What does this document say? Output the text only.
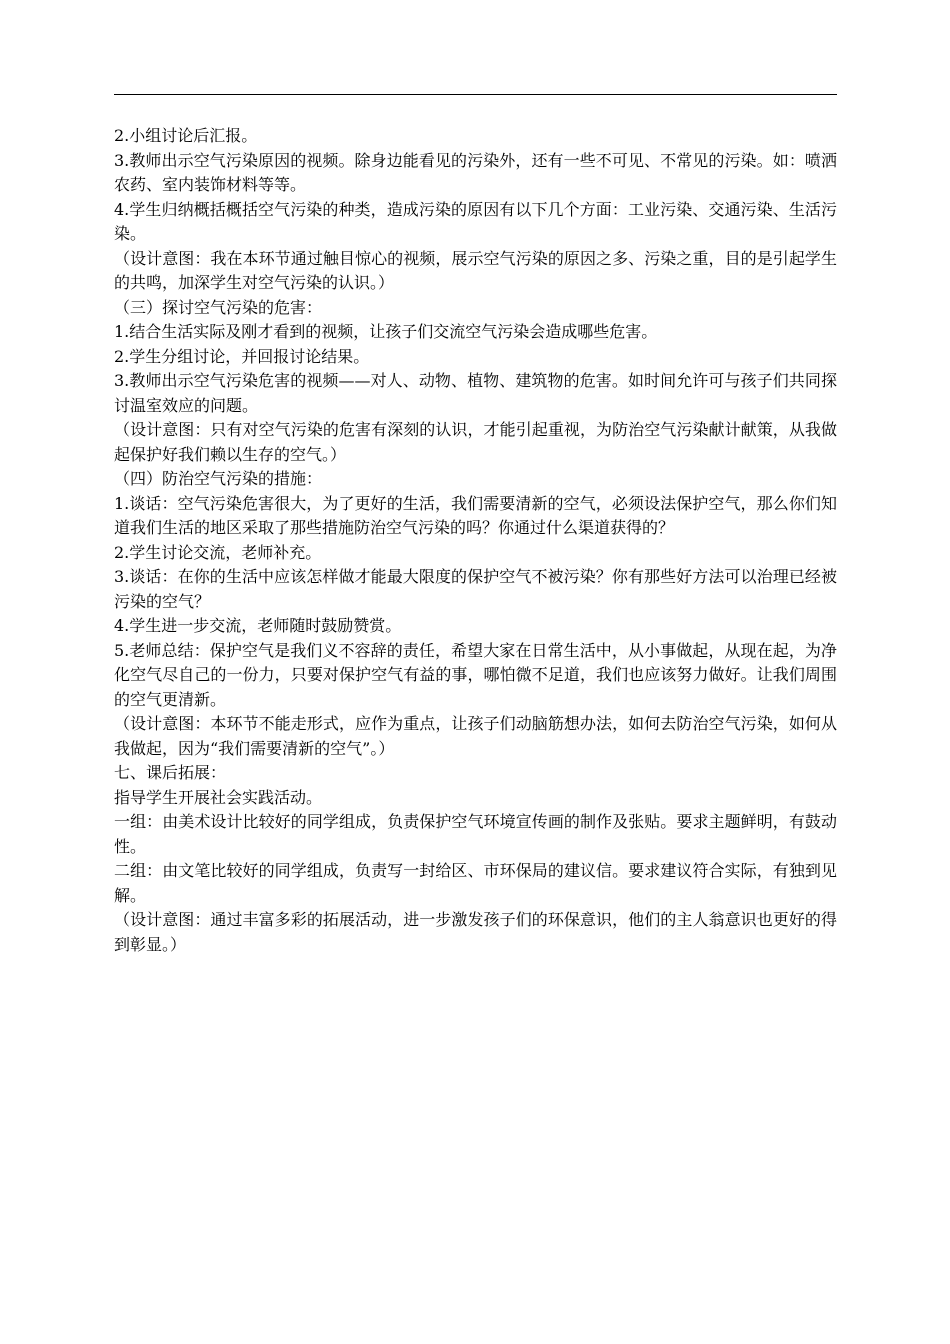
2.小组讨论后汇报。

3.教师出示空气污染原因的视频。除身边能看见的污染外，还有一些不可见、不常见的污染。如：喷洒农药、室内装饰材料等等。

4.学生归纳概括概括空气污染的种类，造成污染的原因有以下几个方面：工业污染、交通污染、生活污染。

（设计意图：我在本环节通过触目惊心的视频，展示空气污染的原因之多、污染之重，目的是引起学生的共鸣，加深学生对空气污染的认识。）

（三）探讨空气污染的危害：

1.结合生活实际及刚才看到的视频，让孩子们交流空气污染会造成哪些危害。

2.学生分组讨论，并回报讨论结果。

3.教师出示空气污染危害的视频——对人、动物、植物、建筑物的危害。如时间允许可与孩子们共同探讨温室效应的问题。

（设计意图：只有对空气污染的危害有深刻的认识，才能引起重视，为防治空气污染献计献策，从我做起保护好我们赖以生存的空气。）

（四）防治空气污染的措施：

1.谈话：空气污染危害很大，为了更好的生活，我们需要清新的空气，必须设法保护空气，那么你们知道我们生活的地区采取了那些措施防治空气污染的吗？你通过什么渠道获得的？

2.学生讨论交流，老师补充。

3.谈话：在你的生活中应该怎样做才能最大限度的保护空气不被污染？你有那些好方法可以治理已经被污染的空气？

4.学生进一步交流，老师随时鼓励赞赏。

5.老师总结：保护空气是我们义不容辞的责任，希望大家在日常生活中，从小事做起，从现在起，为净化空气尽自己的一份力，只要对保护空气有益的事，哪怕微不足道，我们也应该努力做好。让我们周围的空气更清新。

（设计意图：本环节不能走形式，应作为重点，让孩子们动脑筋想办法，如何去防治空气污染，如何从我做起，因为“我们需要清新的空气”。）

七、课后拓展：

指导学生开展社会实践活动。

一组：由美术设计比较好的同学组成，负责保护空气环境宣传画的制作及张贴。要求主题鲜明，有鼓动性。

二组：由文笔比较好的同学组成，负责写一封给区、市环保局的建议信。要求建议符合实际，有独到见解。

（设计意图：通过丰富多彩的拓展活动，进一步激发孩子们的环保意识，他们的主人翁意识也更好的得到彰显。）
